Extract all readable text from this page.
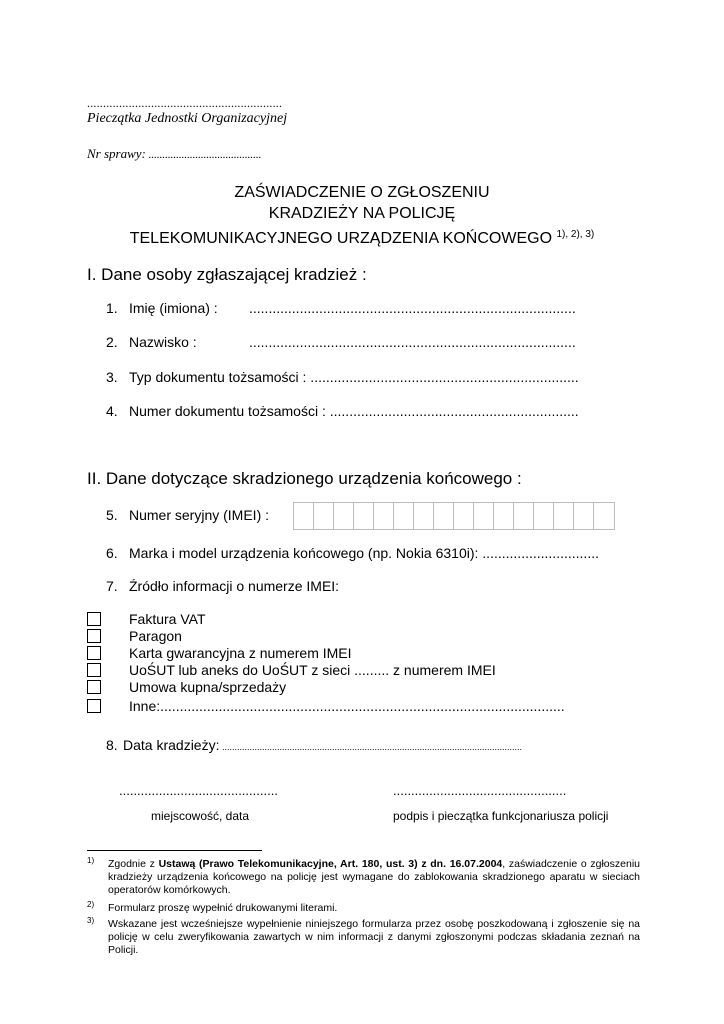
.............................................................
Pieczątka Jednostki Organizacyjnej
Nr sprawy: .........................................
ZAŚWIADCZENIE O ZGŁOSZENIU
KRADZIEŻY NA POLICJĘ
TELEKOMUNIKACYJNEGO URZĄDZENIA KOŃCOWEGO $^{1), 2), 3)}$
I. Dane osoby zgłaszającej kradzież :
1. Imię (imiona) : ....................................................................................
2. Nazwisko :	....................................................................................
3. Typ dokumentu tożsamości : .....................................................................
4. Numer dokumentu tożsamości : ................................................................
II. Dane dotyczące skradzionego urządzenia końcowego :
5. Numer seryjny (IMEI) :
6. Marka i model urządzenia końcowego (np. Nokia 6310i): ..............................
7. Źródło informacji o numerze IMEI:
Faktura VAT
Paragon
Karta gwarancyjna z numerem IMEI
UoŚUT lub aneks do UoŚUT z sieci ......... z numerem IMEI
Umowa kupna/sprzedaży
Inne:........................................................................................................
8. Data kradzieży: ........................................................................................................................
............................................
miejscowość, data
................................................
podpis i pieczątka funkcjonariusza policji
1) Zgodnie z Ustawą (Prawo Telekomunikacyjne, Art. 180, ust. 3) z dn. 16.07.2004, zaświadczenie o zgłoszeniu kradzieży urządzenia końcowego na policję jest wymagane do zablokowania skradzionego aparatu w sieciach operatorów komórkowych.
2) Formularz proszę wypełnić drukowanymi literami.
3) Wskazane jest wcześniejsze wypełnienie niniejszego formularza przez osobę poszkodowaną i zgłoszenie się na policję w celu zweryfikowania zawartych w nim informacji z danymi zgłoszonymi podczas składania zeznań na Policji.
